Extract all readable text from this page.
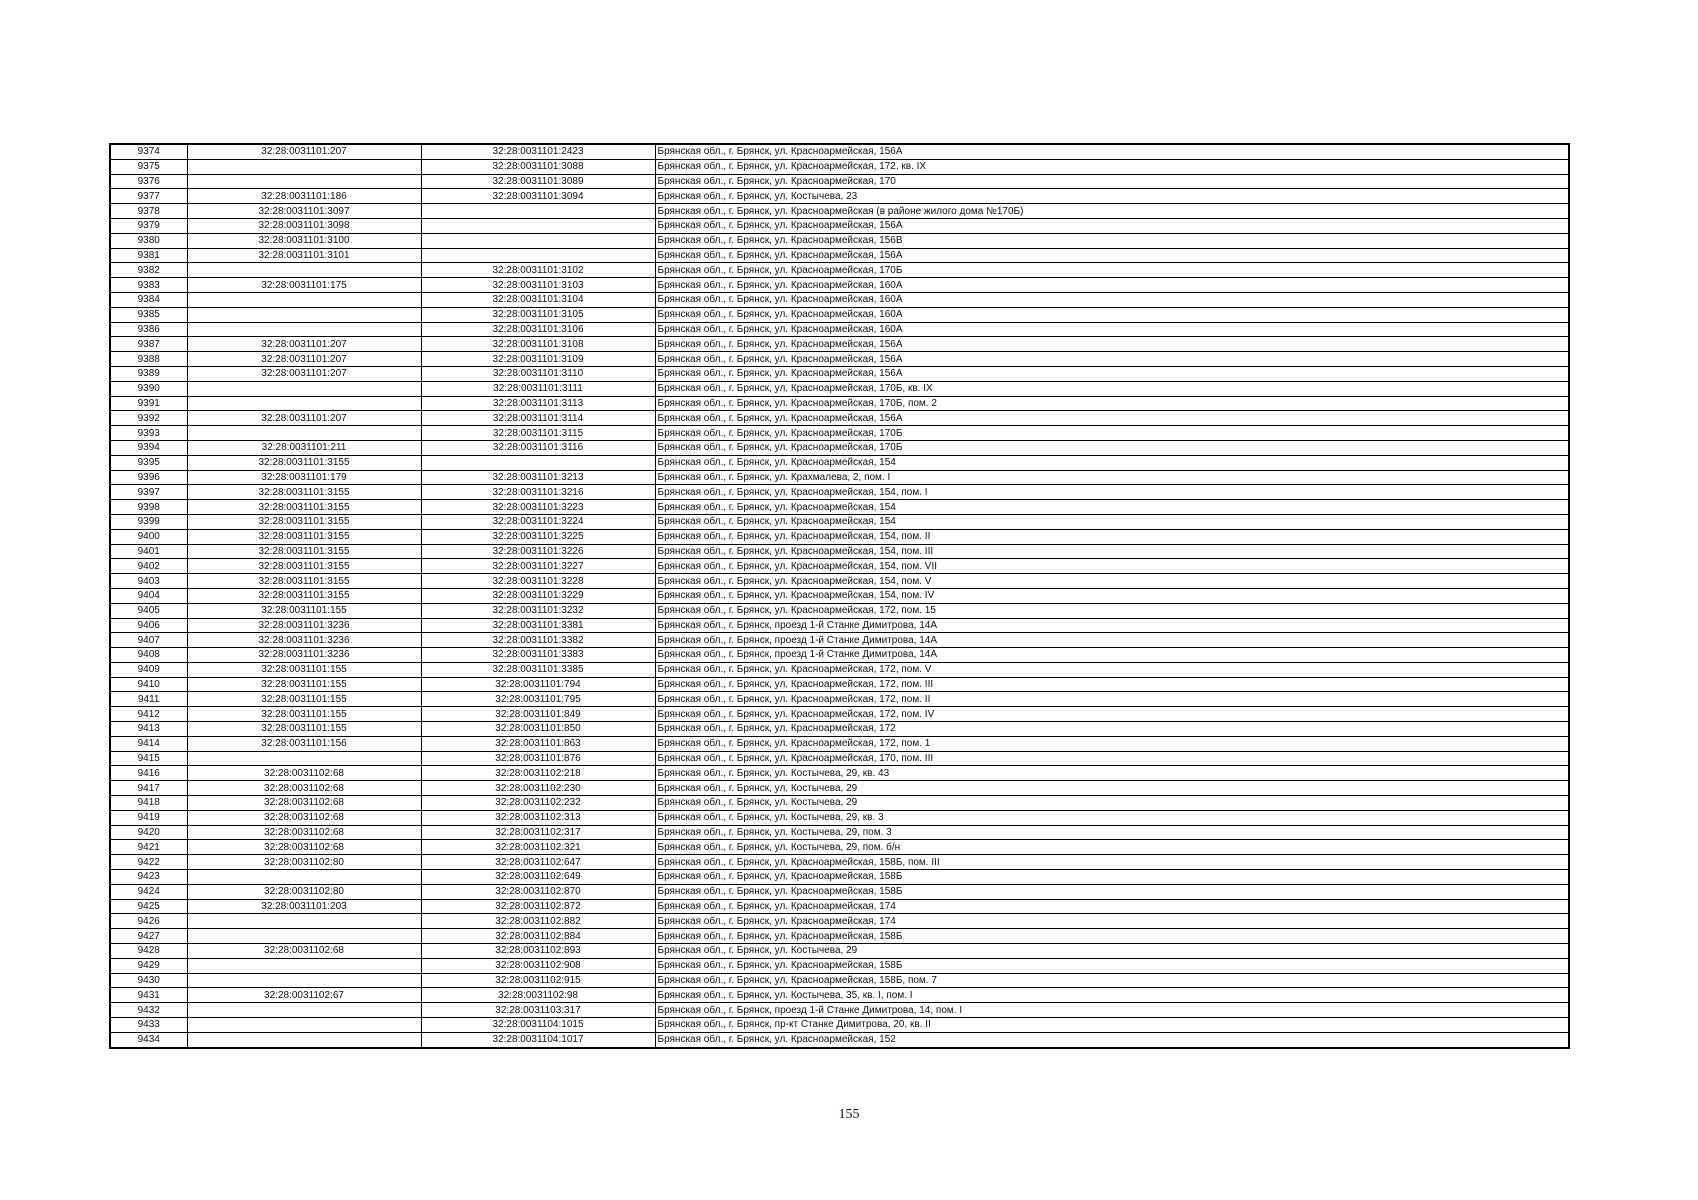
9374	32:28:0031101:207	32:28:0031101:2423	Брянская обл., г. Брянск, ул. Красноармейская, 156А
9375		32:28:0031101:3088	Брянская обл., г. Брянск, ул. Красноармейская, 172, кв. IX
9376		32:28:0031101:3089	Брянская обл., г. Брянск, ул. Красноармейская, 170
9377	32:28:0031101:186	32:28:0031101:3094	Брянская обл., г. Брянск, ул. Костычева, 23
9378	32:28:0031101:3097		Брянская обл., г. Брянск, ул. Красноармейская (в районе жилого дома №170Б)
9379	32:28:0031101:3098		Брянская обл., г. Брянск, ул. Красноармейская, 156А
9380	32:28:0031101:3100		Брянская обл., г. Брянск, ул. Красноармейская, 156В
9381	32:28:0031101:3101		Брянская обл., г. Брянск, ул. Красноармейская, 156А
9382		32:28:0031101:3102	Брянская обл., г. Брянск, ул. Красноармейская, 170Б
9383	32:28:0031101:175	32:28:0031101:3103	Брянская обл., г. Брянск, ул. Красноармейская, 160А
9384		32:28:0031101:3104	Брянская обл., г. Брянск, ул. Красноармейская, 160А
9385		32:28:0031101:3105	Брянская обл., г. Брянск, ул. Красноармейская, 160А
9386		32:28:0031101:3106	Брянская обл., г. Брянск, ул. Красноармейская, 160А
9387	32:28:0031101:207	32:28:0031101:3108	Брянская обл., г. Брянск, ул. Красноармейская, 156А
9388	32:28:0031101:207	32:28:0031101:3109	Брянская обл., г. Брянск, ул. Красноармейская, 156А
9389	32:28:0031101:207	32:28:0031101:3110	Брянская обл., г. Брянск, ул. Красноармейская, 156А
9390		32:28:0031101:3111	Брянская обл., г. Брянск, ул. Красноармейская, 170Б, кв. IX
9391		32:28:0031101:3113	Брянская обл., г. Брянск, ул. Красноармейская, 170Б, пом. 2
9392	32:28:0031101:207	32:28:0031101:3114	Брянская обл., г. Брянск, ул. Красноармейская, 156А
9393		32:28:0031101:3115	Брянская обл., г. Брянск, ул. Красноармейская, 170Б
9394	32:28:0031101:211	32:28:0031101:3116	Брянская обл., г. Брянск, ул. Красноармейская, 170Б
9395	32:28:0031101:3155		Брянская обл., г. Брянск, ул. Красноармейская, 154
9396	32:28:0031101:179	32:28:0031101:3213	Брянская обл., г. Брянск, ул. Крахмалева, 2, пом. I
9397	32:28:0031101:3155	32:28:0031101:3216	Брянская обл., г. Брянск, ул. Красноармейская, 154, пом. I
9398	32:28:0031101:3155	32:28:0031101:3223	Брянская обл., г. Брянск, ул. Красноармейская, 154
9399	32:28:0031101:3155	32:28:0031101:3224	Брянская обл., г. Брянск, ул. Красноармейская, 154
9400	32:28:0031101:3155	32:28:0031101:3225	Брянская обл., г. Брянск, ул. Красноармейская, 154, пом. II
9401	32:28:0031101:3155	32:28:0031101:3226	Брянская обл., г. Брянск, ул. Красноармейская, 154, пом. III
9402	32:28:0031101:3155	32:28:0031101:3227	Брянская обл., г. Брянск, ул. Красноармейская, 154, пом. VII
9403	32:28:0031101:3155	32:28:0031101:3228	Брянская обл., г. Брянск, ул. Красноармейская, 154, пом. V
9404	32:28:0031101:3155	32:28:0031101:3229	Брянская обл., г. Брянск, ул. Красноармейская, 154, пом. IV
9405	32:28:0031101:155	32:28:0031101:3232	Брянская обл., г. Брянск, ул. Красноармейская, 172, пом. 15
9406	32:28:0031101:3236	32:28:0031101:3381	Брянская обл., г. Брянск, проезд 1-й Станке Димитрова, 14А
9407	32:28:0031101:3236	32:28:0031101:3382	Брянская обл., г. Брянск, проезд 1-й Станке Димитрова, 14А
9408	32:28:0031101:3236	32:28:0031101:3383	Брянская обл., г. Брянск, проезд 1-й Станке Димитрова, 14А
9409	32:28:0031101:155	32:28:0031101:3385	Брянская обл., г. Брянск, ул. Красноармейская, 172, пом. V
9410	32:28:0031101:155	32:28:0031101:794	Брянская обл., г. Брянск, ул. Красноармейская, 172, пом. III
9411	32:28:0031101:155	32:28:0031101:795	Брянская обл., г. Брянск, ул. Красноармейская, 172, пом. II
9412	32:28:0031101:155	32:28:0031101:849	Брянская обл., г. Брянск, ул. Красноармейская, 172, пом. IV
9413	32:28:0031101:155	32:28:0031101:850	Брянская обл., г. Брянск, ул. Красноармейская, 172
9414	32:28:0031101:156	32:28:0031101:863	Брянская обл., г. Брянск, ул. Красноармейская, 172, пом. 1
9415		32:28:0031101:876	Брянская обл., г. Брянск, ул. Красноармейская, 170, пом. III
9416	32:28:0031102:68	32:28:0031102:218	Брянская обл., г. Брянск, ул. Костычева, 29, кв. 43
9417	32:28:0031102:68	32:28:0031102:230	Брянская обл., г. Брянск, ул. Костычева, 29
9418	32:28:0031102:68	32:28:0031102:232	Брянская обл., г. Брянск, ул. Костычева, 29
9419	32:28:0031102:68	32:28:0031102:313	Брянская обл., г. Брянск, ул. Костычева, 29, кв. 3
9420	32:28:0031102:68	32:28:0031102:317	Брянская обл., г. Брянск, ул. Костычева, 29, пом. 3
9421	32:28:0031102:68	32:28:0031102:321	Брянская обл., г. Брянск, ул. Костычева, 29, пом. б/н
9422	32:28:0031102:80	32:28:0031102:647	Брянская обл., г. Брянск, ул. Красноармейская, 158Б, пом. III
9423		32:28:0031102:649	Брянская обл., г. Брянск, ул. Красноармейская, 158Б
9424	32:28:0031102:80	32:28:0031102:870	Брянская обл., г. Брянск, ул. Красноармейская, 158Б
9425	32:28:0031101:203	32:28:0031102:872	Брянская обл., г. Брянск, ул. Красноармейская, 174
9426		32:28:0031102:882	Брянская обл., г. Брянск, ул. Красноармейская, 174
9427		32:28:0031102:884	Брянская обл., г. Брянск, ул. Красноармейская, 158Б
9428	32:28:0031102:68	32:28:0031102:893	Брянская обл., г. Брянск, ул. Костычева, 29
9429		32:28:0031102:908	Брянская обл., г. Брянск, ул. Красноармейская, 158Б
9430		32:28:0031102:915	Брянская обл., г. Брянск, ул. Красноармейская, 158Б, пом. 7
9431	32:28:0031102:67	32:28:0031102:98	Брянская обл., г. Брянск, ул. Костычева, 35, кв. I, пом. I
9432		32:28:0031103:317	Брянская обл., г. Брянск, проезд 1-й Станке Димитрова, 14, пом. I
9433		32:28:0031104:1015	Брянская обл., г. Брянск, пр-кт Станке Димитрова, 20, кв. II
9434		32:28:0031104:1017	Брянская обл., г. Брянск, ул. Красноармейская, 152
155
